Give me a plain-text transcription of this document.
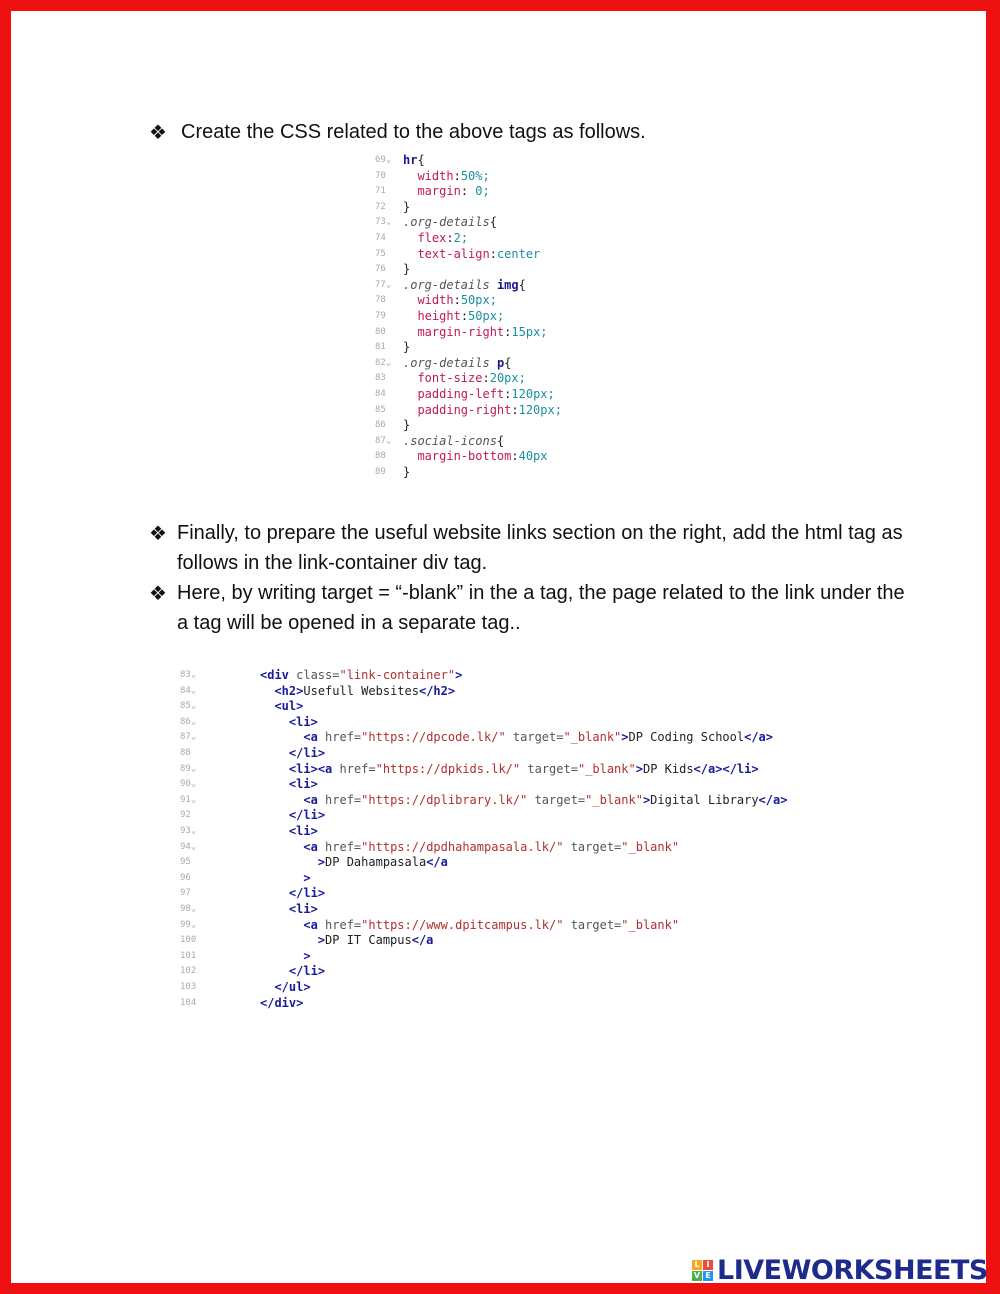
❖ Create the CSS related to the above tags as follows.
69⌄ hr{
70	width:50%;
71	margin: 0;
72	}
73⌄ .org-details{
74	flex:2;
75	text-align:center
76	}
77⌄ .org-details img{
78	width:50px;
79	height:50px;
80	margin-right:15px;
81	}
82⌄ .org-details p{
83	font-size:20px;
84	padding-left:120px;
85	padding-right:120px;
86	}
87⌄ .social-icons{
88	margin-bottom:40px
89	}
❖ Finally, to prepare the useful website links section on the right, add the html tag as follows in the link-container div tag.
❖ Here, by writing target = “-blank” in the a tag, the page related to the link under the a tag will be opened in a separate tag..
83⌄	<div class="link-container">
84⌄	<h2>Usefull Websites</h2>
85⌄	<ul>
86⌄	<li>
87⌄	<a href="https://dpcode.lk/" target="_blank">DP Coding School</a>
88	</li>
89⌄	<li><a href="https://dpkids.lk/" target="_blank">DP Kids</a></li>
90⌄	<li>
91⌄	<a href="https://dplibrary.lk/" target="_blank">Digital Library</a>
92	</li>
93⌄	<li>
94⌄	<a href="https://dpdhahampasala.lk/" target="_blank"
95	>DP Dahampasala</a
96	>
97	</li>
98⌄	<li>
99⌄	<a href="https://www.dpitcampus.lk/" target="_blank"
100	>DP IT Campus</a
101	>
102	</li>
103	</ul>
104	</div>
L I
V E LIVEWORKSHEETS
